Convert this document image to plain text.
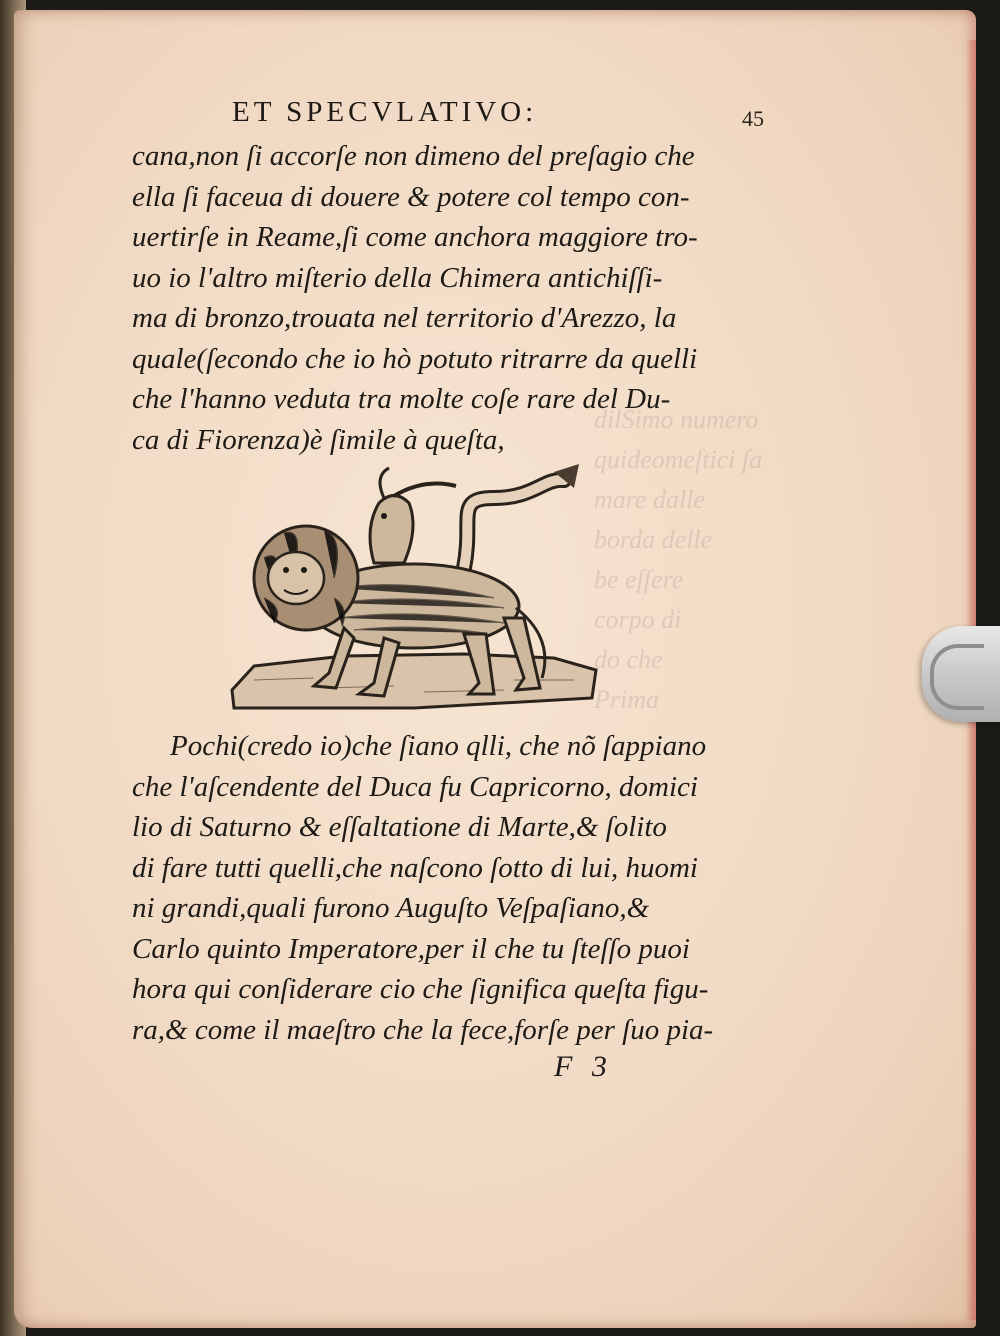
dilSimo numero
quideomeſtici ſa
mare dalle
borda delle
be eſſere
corpo di
do che
Prima
ET SPECVLATIVO:	45
cana,non ſi accorſe non dimeno del preſagio che
ella ſi faceua di douere & potere col tempo con-
uertirſe in Reame,ſi come anchora maggiore tro-
uo io l'altro miſterio della Chimera antichiſſi-
ma di bronzo,trouata nel territorio d'Arezzo, la
quale(ſecondo che io hò potuto ritrarre da quelli
che l'hanno veduta tra molte coſe rare del Du-
ca di Fiorenza)è ſimile à queſta,
Pochi(credo io)che ſiano qlli, che nõ ſappiano
che l'aſcendente del Duca fu Capricorno, domici
lio di Saturno & eſſaltatione di Marte,& ſolito
di fare tutti quelli,che naſcono ſotto di lui, huomi
ni grandi,quali furono Auguſto Veſpaſiano,&
Carlo quinto Imperatore,per il che tu ſteſſo puoi
hora qui conſiderare cio che ſignifica queſta figu-
ra,& come il maeſtro che la fece,forſe per ſuo pia-
F 3
